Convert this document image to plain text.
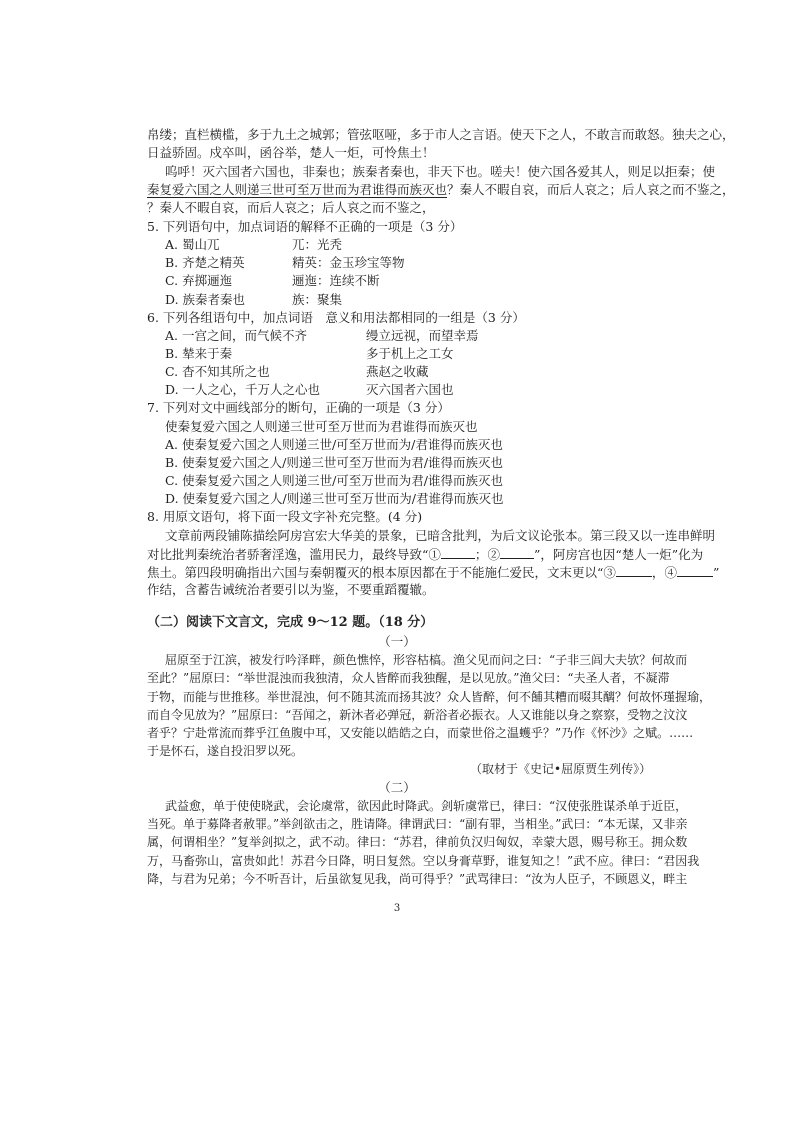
帛缕；直栏横槛，多于九土之城郭；管弦呕哑，多于市人之言语。使天下之人，不敢言而敢怒。独夫之心，
日益骄固。戍卒叫，函谷举，楚人一炬，可怜焦土！
呜呼！灭六国者六国也，非秦也；族秦者秦也，非天下也。嗟夫！使六国各爱其人，则足以拒秦；使
秦复爱六国之人则递三世可至万世而为君谁得而族灭也？秦人不暇自哀，而后人哀之；后人哀之而不鉴之，
？秦人不暇自哀，而后人哀之；后人哀之而不鉴之，
5. 下列语句中，加点词语的解释不正确的一项是（3 分）
A. 蜀山兀	兀：光秃
B. 齐楚之精英	精英：金玉珍宝等物
C. 弃掷逦迤	逦迤：连续不断
D. 族秦者秦也	族：聚集
6. 下列各组语句中，加点词语　意义和用法都相同的一组是（3 分）
A. 一宫之间，而气候不齐	缦立远视，而望幸焉
B. 辇来于秦	多于机上之工女
C. 杳不知其所之也	燕赵之收藏
D. 一人之心，千万人之心也	灭六国者六国也
7. 下列对文中画线部分的断句，正确的一项是（3 分）
使秦复爱六国之人则递三世可至万世而为君谁得而族灭也
A. 使秦复爱六国之人则递三世/可至万世而为/君谁得而族灭也
B. 使秦复爱六国之人/则递三世可至万世而为君/谁得而族灭也
C. 使秦复爱六国之人则递三世/可至万世而为君/谁得而族灭也
D. 使秦复爱六国之人/则递三世可至万世而为/君谁得而族灭也
8. 用原文语句，将下面一段文字补充完整。(4 分)
文章前两段铺陈描绘阿房宫宏大华美的景象，已暗含批判，为后文议论张本。第三段又以一连串鲜明
对比批判秦统治者骄奢淫逸，滥用民力，最终导致“①	；②	”，阿房宫也因“楚人一炬”化为
焦土。第四段明确指出六国与秦朝覆灭的根本原因都在于不能施仁爱民，文末更以“③	，④	”
作结，含蓄告诫统治者要引以为鉴，不要重蹈覆辙。
（二）阅读下文言文，完成 9～12 题。（18 分）
（一）
屈原至于江滨，被发行吟泽畔，颜色憔悴，形容枯槁。渔父见而问之曰：“子非三闾大夫欤？何故而
至此？”屈原曰：“举世混浊而我独清，众人皆醉而我独醒，是以见放。”渔父曰：“夫圣人者，不凝滞
于物，而能与世推移。举世混浊，何不随其流而扬其波？众人皆醉，何不餔其糟而啜其醨？何故怀瑾握瑜，
而自令见放为？”屈原曰：“吾闻之，新沐者必弹冠，新浴者必振衣。人又谁能以身之察察，受物之汶汶
者乎？宁赴常流而葬乎江鱼腹中耳，又安能以皓皓之白，而蒙世俗之温蠖乎？”乃作《怀沙》之赋。……
于是怀石，遂自投汨罗以死。
（取材于《史记•屈原贾生列传》）
（二）
武益愈，单于使使晓武，会论虞常，欲因此时降武。剑斩虞常已，律曰：“汉使张胜谋杀单于近臣，
当死。单于募降者赦罪。”举剑欲击之，胜请降。律谓武曰：“副有罪，当相坐。”武曰：“本无谋，又非亲
属，何谓相坐？”复举剑拟之，武不动。律曰：“苏君，律前负汉归匈奴，幸蒙大恩，赐号称王。拥众数
万，马畜弥山，富贵如此！苏君今日降，明日复然。空以身膏草野，谁复知之！”武不应。律曰：“君因我
降，与君为兄弟；今不听吾计，后虽欲复见我，尚可得乎？”武骂律曰：“汝为人臣子，不顾恩义，畔主
3
